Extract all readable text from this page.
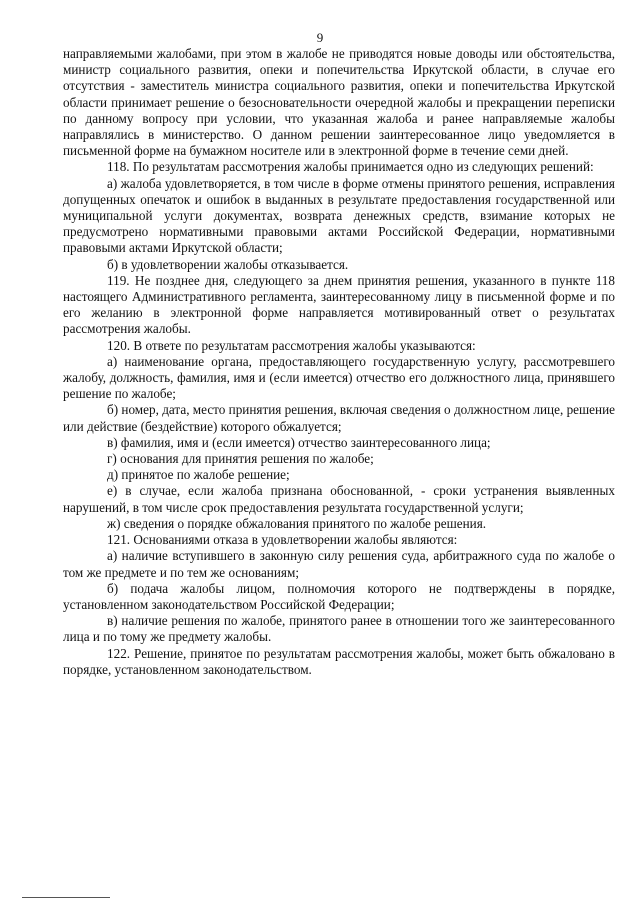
9

направляемыми жалобами, при этом в жалобе не приводятся новые доводы или обстоятельства, министр социального развития, опеки и попечительства Иркутской области, в случае его отсутствия - заместитель министра социального развития, опеки и попечительства Иркутской области принимает решение о безосновательности очередной жалобы и прекращении переписки по данному вопросу при условии, что указанная жалоба и ранее направляемые жалобы направлялись в министерство. О данном решении заинтересованное лицо уведомляется в письменной форме на бумажном носителе или в электронной форме в течение семи дней.

118. По результатам рассмотрения жалобы принимается одно из следующих решений:

а) жалоба удовлетворяется, в том числе в форме отмены принятого решения, исправления допущенных опечаток и ошибок в выданных в результате предоставления государственной или муниципальной услуги документах, возврата денежных средств, взимание которых не предусмотрено нормативными правовыми актами Российской Федерации, нормативными правовыми актами Иркутской области;

б) в удовлетворении жалобы отказывается.

119. Не позднее дня, следующего за днем принятия решения, указанного в пункте 118 настоящего Административного регламента, заинтересованному лицу в письменной форме и по его желанию в электронной форме направляется мотивированный ответ о результатах рассмотрения жалобы.

120. В ответе по результатам рассмотрения жалобы указываются:

а) наименование органа, предоставляющего государственную услугу, рассмотревшего жалобу, должность, фамилия, имя и (если имеется) отчество его должностного лица, принявшего решение по жалобе;

б) номер, дата, место принятия решения, включая сведения о должностном лице, решение или действие (бездействие) которого обжалуется;

в) фамилия, имя и (если имеется) отчество заинтересованного лица;

г) основания для принятия решения по жалобе;

д) принятое по жалобе решение;

е) в случае, если жалоба признана обоснованной, - сроки устранения выявленных нарушений, в том числе срок предоставления результата государственной услуги;

ж) сведения о порядке обжалования принятого по жалобе решения.

121. Основаниями отказа в удовлетворении жалобы являются:

а) наличие вступившего в законную силу решения суда, арбитражного суда по жалобе о том же предмете и по тем же основаниям;

б) подача жалобы лицом, полномочия которого не подтверждены в порядке, установленном законодательством Российской Федерации;

в) наличие решения по жалобе, принятого ранее в отношении того же заинтересованного лица и по тому же предмету жалобы.

122. Решение, принятое по результатам рассмотрения жалобы, может быть обжаловано в порядке, установленном законодательством.
